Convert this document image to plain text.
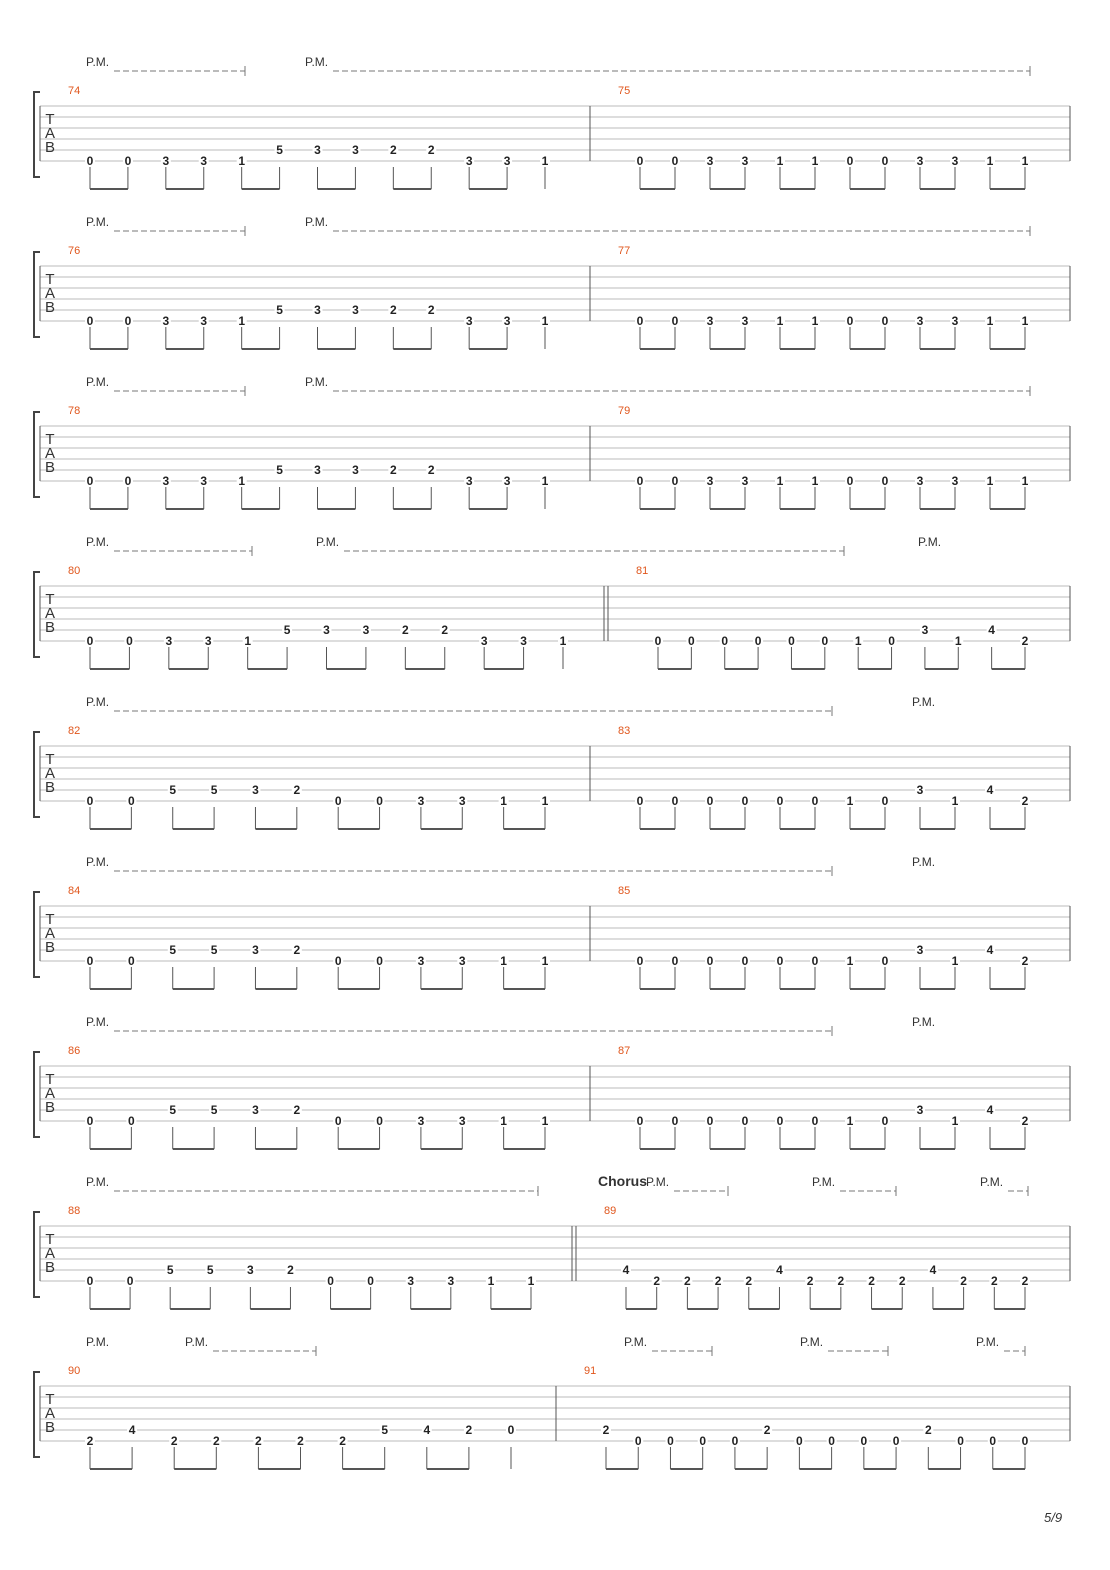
T
A
B
P.M.	P.M.
74
0	0	3	3	1
5	3	3	2	2
3	3	1
75
0 0 3 3 1 1 0 0 3 3 1 1
T
A
B
P.M.	P.M.
76
0	0	3	3	1
5	3	3	2	2
3	3	1
77
0 0 3 3 1 1 0 0 3 3 1 1
T
A
B
P.M.	P.M.
78
0	0	3	3	1
5	3	3	2	2
3	3	1
79
0 0 3 3 1 1 0 0 3 3 1 1
T
A
B
P.M.	P.M.	P.M.
80
0	0	3	3	1
5	3	3	2	2
3	3	1
81
0 0 0 0 0 0 1 0
3
1
4
2
T
A
B
P.M.	P.M.
82
0	0
5	5	3	2
0	0	3	3	1	1
83
0 0 0 0 0 0 1 0
3
1
4
2
T
A
B
P.M.	P.M.
84
0	0
5	5	3	2
0	0	3	3	1	1
85
0 0 0 0 0 0 1 0
3
1
4
2
T
A
B
P.M.	P.M.
86
0	0
5	5	3	2
0	0	3	3	1	1
87
0 0 0 0 0 0 1 0
3
1
4
2
T
A
B
P.M.	P.M.	P.M.	P.M.
Chorus
88
0	0
5	5	3	2
0	0	3	3	1	1
89
4
2 2 2 2
4
2 2 2 2
4
2 2 2
T
A
B
P.M.	P.M.	P.M.	P.M.	P.M.
90
2
4
2	2	2	2	2
5	4	2	0
91
2
0 0 0 0
2
0 0 0 0
2
0 0 0
5/9
